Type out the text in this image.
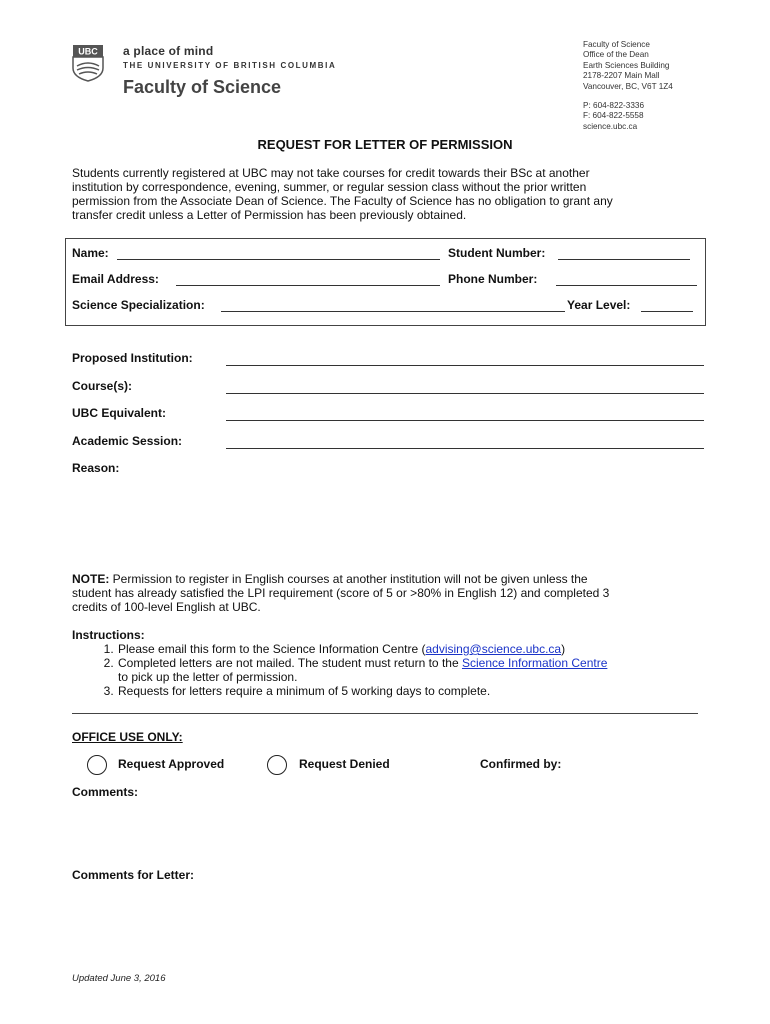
UBC a place of mind
THE UNIVERSITY OF BRITISH COLUMBIA
Faculty of Science
Faculty of Science
Office of the Dean
Earth Sciences Building
2178-2207 Main Mall
Vancouver, BC, V6T 1Z4
P: 604-822-3336
F: 604-822-5558
science.ubc.ca
REQUEST FOR LETTER OF PERMISSION
Students currently registered at UBC may not take courses for credit towards their BSc at another
institution by correspondence, evening, summer, or regular session class without the prior written
permission from the Associate Dean of Science. The Faculty of Science has no obligation to grant any
transfer credit unless a Letter of Permission has been previously obtained.
Name:	Student Number:
Email Address:	Phone Number:
Science Specialization:	Year Level:
Proposed Institution:
Course(s):
UBC Equivalent:
Academic Session:
Reason:
NOTE: Permission to register in English courses at another institution will not be given unless the
student has already satisfied the LPI requirement (score of 5 or >80% in English 12) and completed 3
credits of 100-level English at UBC.
Instructions:
1. Please email this form to the Science Information Centre (advising@science.ubc.ca)
2. Completed letters are not mailed. The student must return to the Science Information Centre
to pick up the letter of permission.
3. Requests for letters require a minimum of 5 working days to complete.
OFFICE USE ONLY:
Request Approved	Request Denied	Confirmed by:
Comments:
Comments for Letter:
Updated June 3, 2016
